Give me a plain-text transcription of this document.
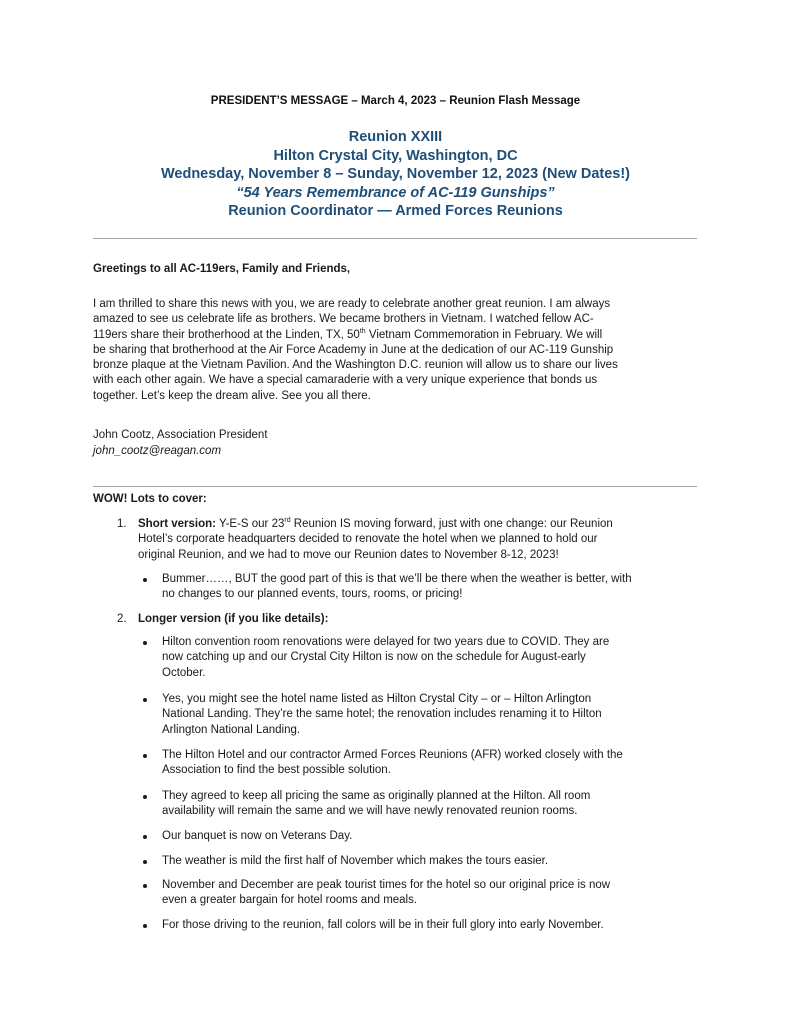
PRESIDENT’S MESSAGE – March 4, 2023 – Reunion Flash Message
Reunion XXIII
Hilton Crystal City, Washington, DC
Wednesday, November 8 – Sunday, November 12, 2023 (New Dates!)
“54 Years Remembrance of AC-119 Gunships”
Reunion Coordinator — Armed Forces Reunions
Greetings to all AC-119ers, Family and Friends,
I am thrilled to share this news with you, we are ready to celebrate another great reunion. I am always
amazed to see us celebrate life as brothers. We became brothers in Vietnam. I watched fellow AC-
119ers share their brotherhood at the Linden, TX, 50th Vietnam Commemoration in February. We will
be sharing that brotherhood at the Air Force Academy in June at the dedication of our AC-119 Gunship
bronze plaque at the Vietnam Pavilion. And the Washington D.C. reunion will allow us to share our lives
with each other again. We have a special camaraderie with a very unique experience that bonds us
together. Let’s keep the dream alive. See you all there.
John Cootz, Association President
john_cootz@reagan.com
WOW! Lots to cover:
1. Short version: Y-E-S our 23rd Reunion IS moving forward, just with one change: our Reunion
Hotel’s corporate headquarters decided to renovate the hotel when we planned to hold our
original Reunion, and we had to move our Reunion dates to November 8-12, 2023!
Bummer……, BUT the good part of this is that we’ll be there when the weather is better, with
no changes to our planned events, tours, rooms, or pricing!
2. Longer version (if you like details):
Hilton convention room renovations were delayed for two years due to COVID. They are
now catching up and our Crystal City Hilton is now on the schedule for August-early
October.
Yes, you might see the hotel name listed as Hilton Crystal City – or – Hilton Arlington
National Landing. They’re the same hotel; the renovation includes renaming it to Hilton
Arlington National Landing.
The Hilton Hotel and our contractor Armed Forces Reunions (AFR) worked closely with the
Association to find the best possible solution.
They agreed to keep all pricing the same as originally planned at the Hilton. All room
availability will remain the same and we will have newly renovated reunion rooms.
Our banquet is now on Veterans Day.
The weather is mild the first half of November which makes the tours easier.
November and December are peak tourist times for the hotel so our original price is now
even a greater bargain for hotel rooms and meals.
For those driving to the reunion, fall colors will be in their full glory into early November.
